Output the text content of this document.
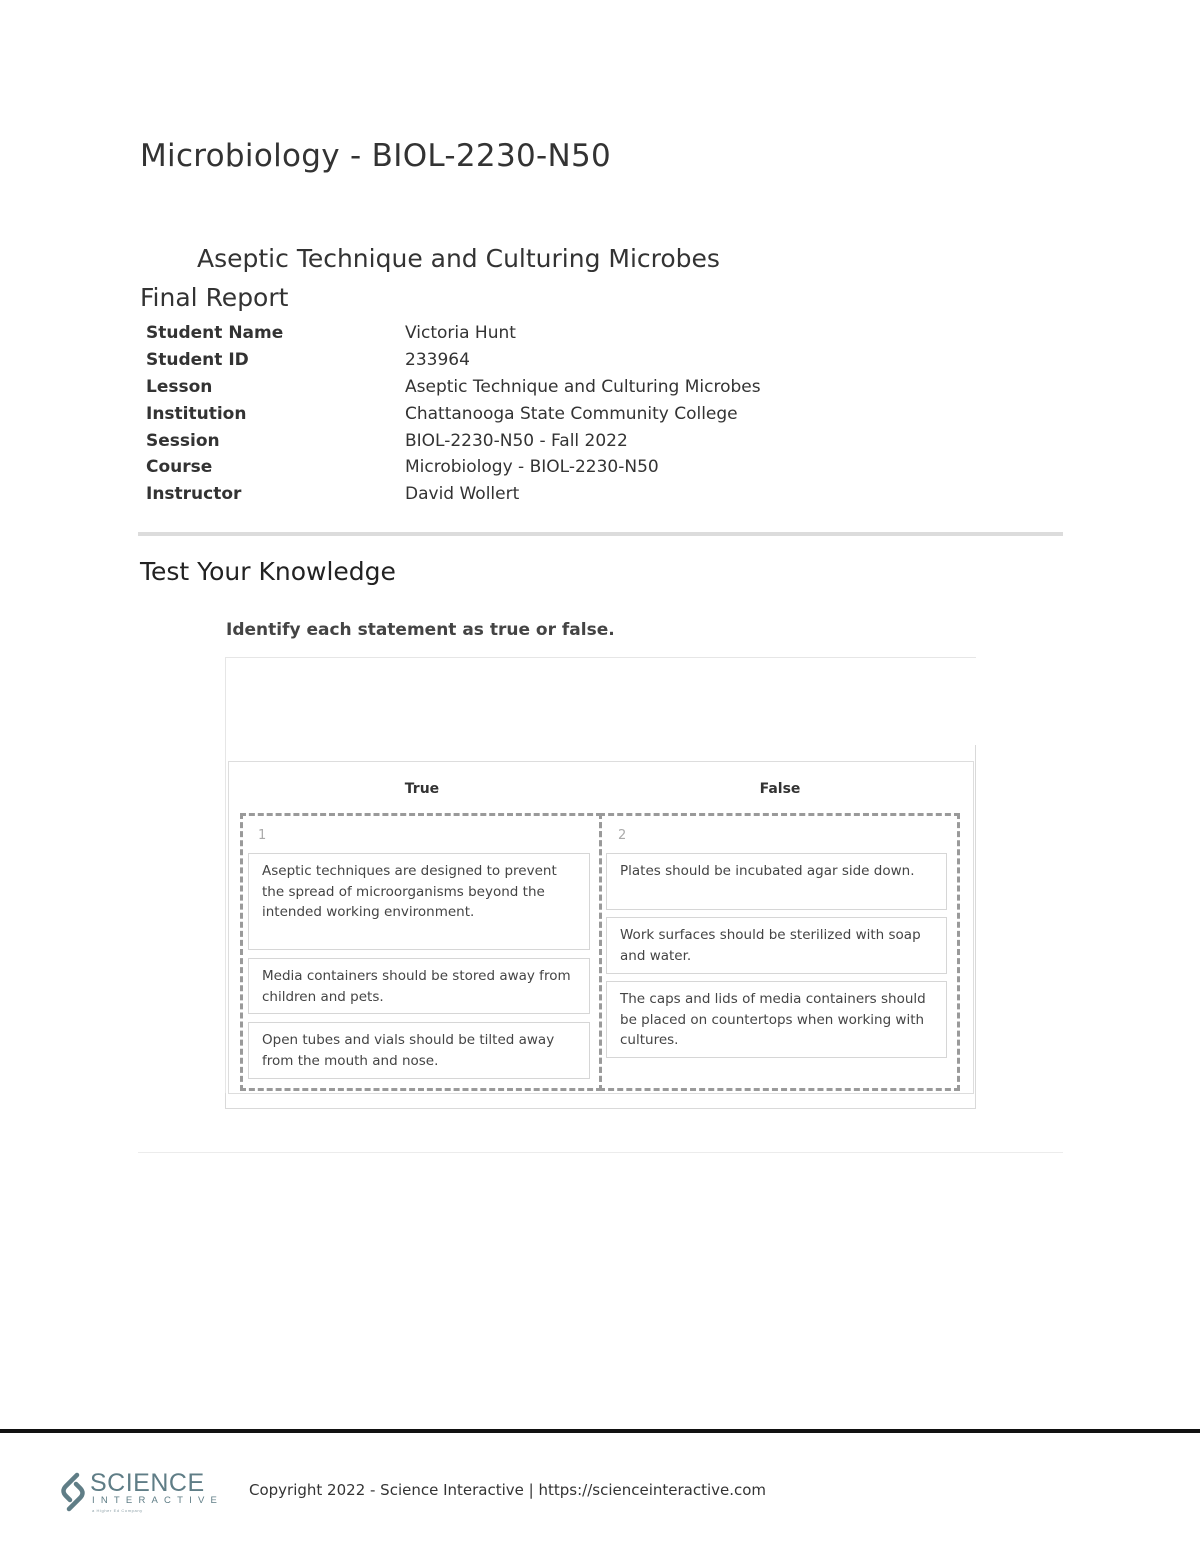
Microbiology - BIOL-2230-N50
Aseptic Technique and Culturing Microbes
Final Report
Student Name	Victoria Hunt
Student ID	233964
Lesson	Aseptic Technique and Culturing Microbes
Institution	Chattanooga State Community College
Session	BIOL-2230-N50 - Fall 2022
Course	Microbiology - BIOL-2230-N50
Instructor	David Wollert
Test Your Knowledge
Identify each statement as true or false.
True	False
1	2
Aseptic techniques are designed to prevent the spread of microorganisms beyond the intended working environment.
Media containers should be stored away from children and pets.
Open tubes and vials should be tilted away from the mouth and nose.
Plates should be incubated agar side down.
Work surfaces should be sterilized with soap and water.
The caps and lids of media containers should be placed on countertops when working with cultures.
SCIENCE
INTERACTIVE
a Higher Ed Company
Copyright 2022 - Science Interactive | https://scienceinteractive.com
